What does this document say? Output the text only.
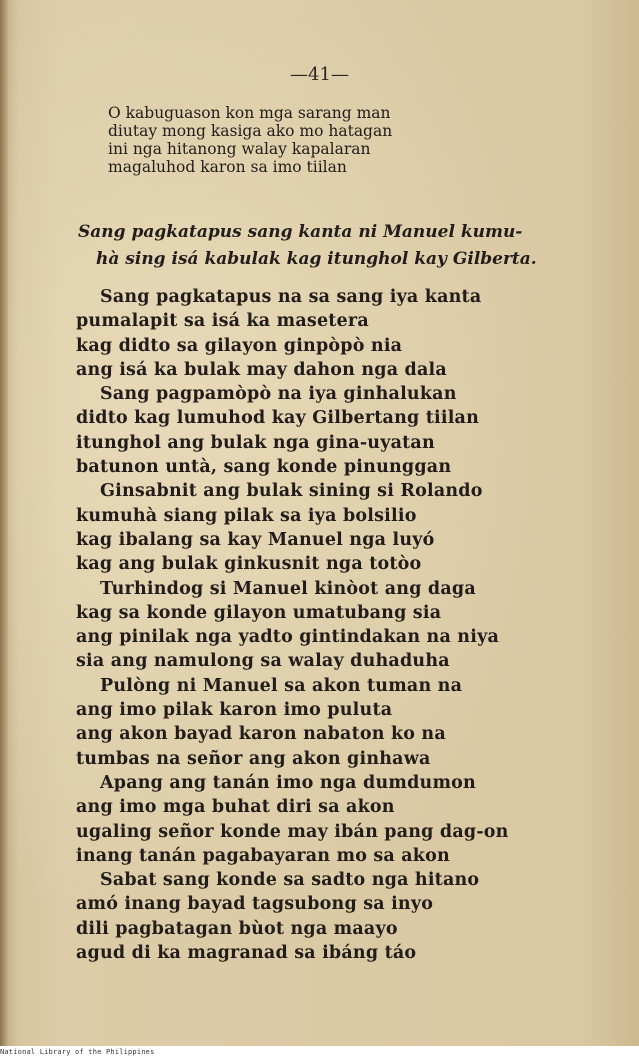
—41—
O kabuguason kon mga sarang man
diutay mong kasiga ako mo hatagan
ini nga hitanong walay kapalaran
magaluhod karon sa imo tiilan
Sang pagkatapus sang kanta ni Manuel kumu-
hà sing isá kabulak kag itunghol kay Gilberta.
Sang pagkatapus na sa sang iya kanta
pumalapit sa isá ka masetera
kag didto sa gilayon ginpòpò nia
ang isá ka bulak may dahon nga dala
Sang pagpamòpò na iya ginhalukan
didto kag lumuhod kay Gilbertang tiilan
itunghol ang bulak nga gina-uyatan
batunon untà, sang konde pinunggan
Ginsabnit ang bulak sining si Rolando
kumuhà siang pilak sa iya bolsilio
kag ibalang sa kay Manuel nga luyó
kag ang bulak ginkusnit nga totòo
Turhindog si Manuel kinòot ang daga
kag sa konde gilayon umatubang sia
ang pinilak nga yadto gintindakan na niya
sia ang namulong sa walay duhaduha
Pulòng ni Manuel sa akon tuman na
ang imo pilak karon imo puluta
ang akon bayad karon nabaton ko na
tumbas na señor ang akon ginhawa
Apang ang tanán imo nga dumdumon
ang imo mga buhat diri sa akon
ugaling señor konde may ibán pang dag-on
inang tanán pagabayaran mo sa akon
Sabat sang konde sa sadto nga hitano
amó inang bayad tagsubong sa inyo
dili pagbatagan bùot nga maayo
agud di ka magranad sa ibáng táo
National Library of the Philippines
